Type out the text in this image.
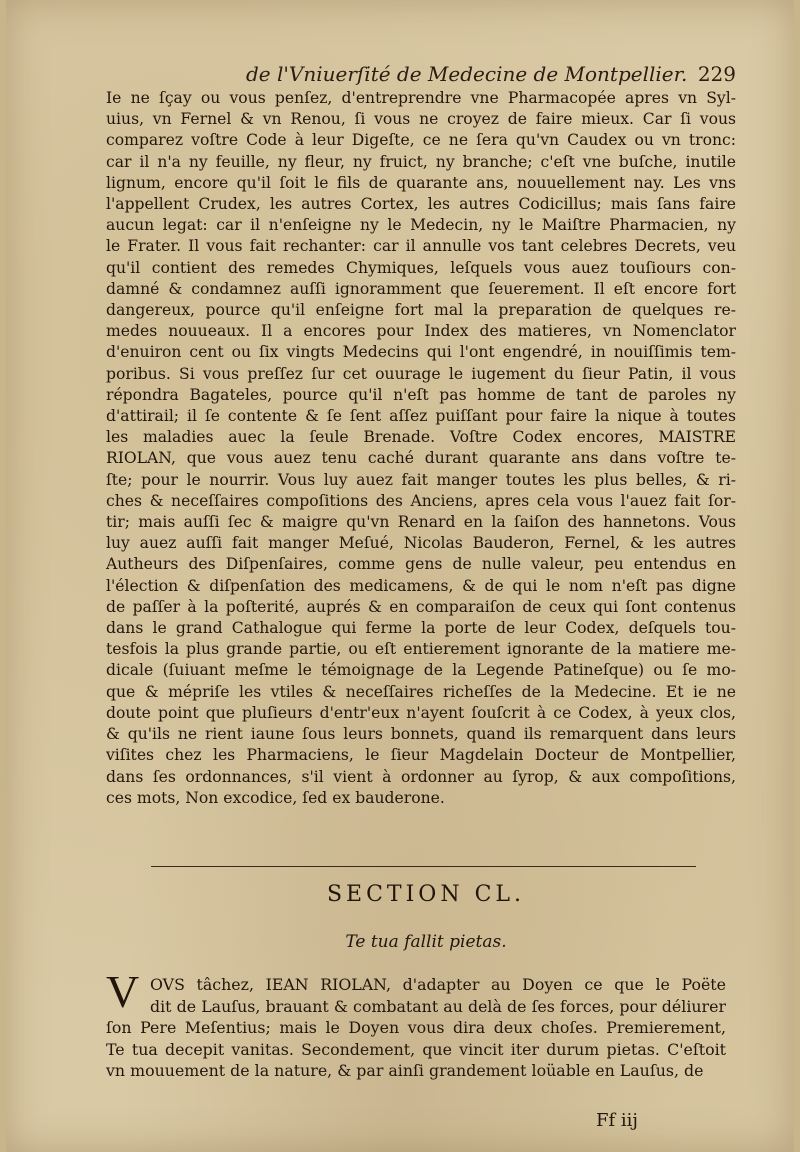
de l'Vniuerſité de Medecine de Montpellier. 229
Ie ne ſçay ou vous penſez, d'entreprendre vne Pharmacopée apres vn Syl-
uius, vn Fernel & vn Renou, ſi vous ne croyez de faire mieux. Car ſi vous
comparez voſtre Code à leur Digeſte, ce ne ſera qu'vn Caudex ou vn tronc:
car il n'a ny feuille, ny fleur, ny fruict, ny branche; c'eſt vne buſche, inutile
lignum, encore qu'il ſoit le fils de quarante ans, nouuellement nay. Les vns
l'appellent Crudex, les autres Cortex, les autres Codicillus; mais ſans faire
aucun legat: car il n'enſeigne ny le Medecin, ny le Maiſtre Pharmacien, ny
le Frater. Il vous fait rechanter: car il annulle vos tant celebres Decrets, veu
qu'il contient des remedes Chymiques, leſquels vous auez touſiours con-
damné & condamnez auſſi ignoramment que ſeuerement. Il eſt encore fort
dangereux, pource qu'il enſeigne fort mal la preparation de quelques re-
medes nouueaux. Il a encores pour Index des matieres, vn Nomenclator
d'enuiron cent ou ſix vingts Medecins qui l'ont engendré, in nouiſſimis tem-
poribus. Si vous preſſez ſur cet ouurage le iugement du ſieur Patin, il vous
répondra Bagateles, pource qu'il n'eſt pas homme de tant de paroles ny
d'attirail; il ſe contente & ſe ſent aſſez puiſſant pour faire la nique à toutes
les maladies auec la ſeule Brenade. Voſtre Codex encores, MAISTRE
RIOLAN, que vous auez tenu caché durant quarante ans dans voſtre te-
ſte; pour le nourrir. Vous luy auez fait manger toutes les plus belles, & ri-
ches & neceſſaires compoſitions des Anciens, apres cela vous l'auez fait ſor-
tir; mais auſſi ſec & maigre qu'vn Renard en la ſaiſon des hannetons. Vous
luy auez auſſi fait manger Meſué, Nicolas Bauderon, Fernel, & les autres
Autheurs des Diſpenſaires, comme gens de nulle valeur, peu entendus en
l'élection & diſpenſation des medicamens, & de qui le nom n'eſt pas digne
de paſſer à la poſterité, auprés & en comparaiſon de ceux qui ſont contenus
dans le grand Cathalogue qui ferme la porte de leur Codex, deſquels tou-
tesfois la plus grande partie, ou eſt entierement ignorante de la matiere me-
dicale (ſuiuant meſme le témoignage de la Legende Patineſque) ou ſe mo-
que & mépriſe les vtiles & neceſſaires richeſſes de la Medecine. Et ie ne
doute point que pluſieurs d'entr'eux n'ayent ſouſcrit à ce Codex, à yeux clos,
& qu'ils ne rient iaune ſous leurs bonnets, quand ils remarquent dans leurs
viſites chez les Pharmaciens, le ſieur Magdelain Docteur de Montpellier,
dans ſes ordonnances, s'il vient à ordonner au ſyrop, & aux compoſitions,
ces mots, Non excodice, ſed ex bauderone.
SECTION CL.
Te tua fallit pietas.
V OVS tâchez, IEAN RIOLAN, d'adapter au Doyen ce que le Poëte
dit de Lauſus, brauant & combatant au delà de ſes forces, pour déliurer
ſon Pere Meſentius; mais le Doyen vous dira deux choſes. Premierement,
Te tua decepit vanitas. Secondement, que vincit iter durum pietas. C'eſtoit
vn mouuement de la nature, & par ainſi grandement loüable en Lauſus, de
Ff iij
